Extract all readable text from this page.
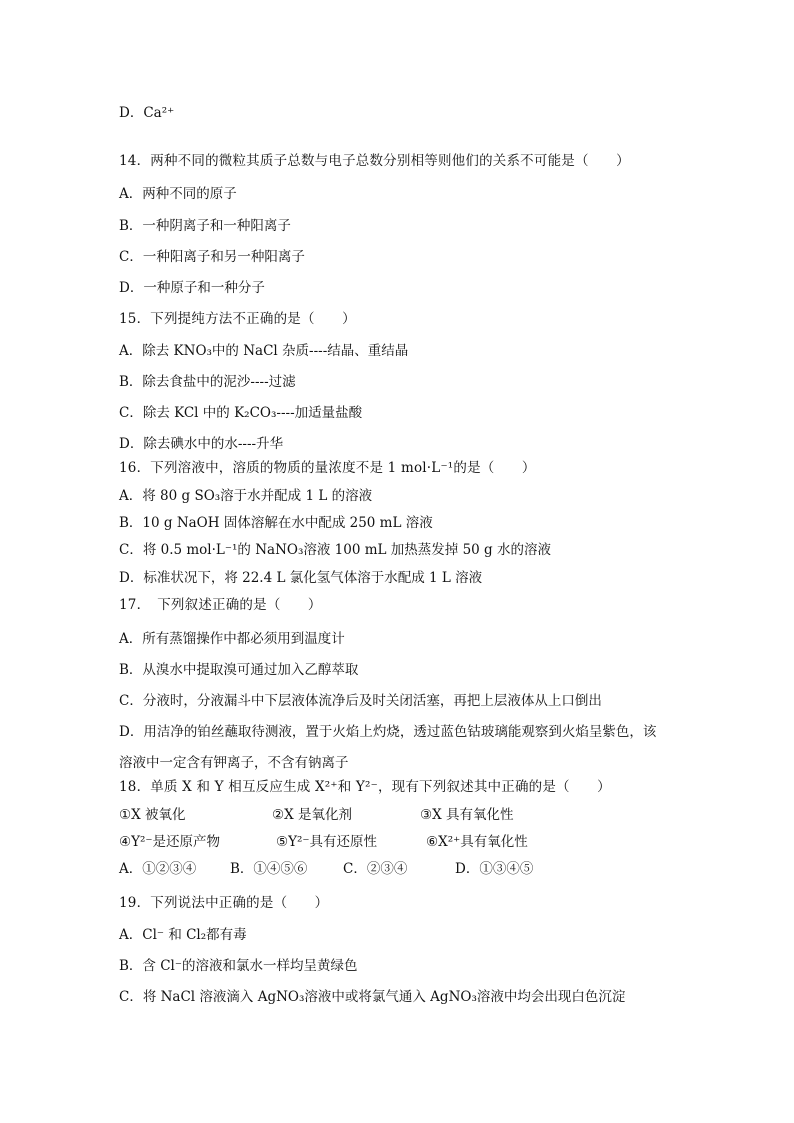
D．Ca²⁺
14．两种不同的微粒其质子总数与电子总数分别相等则他们的关系不可能是（　　）
A．两种不同的原子
B．一种阴离子和一种阳离子
C．一种阳离子和另一种阳离子
D．一种原子和一种分子
15．下列提纯方法不正确的是（　　）
A．除去 KNO₃中的 NaCl 杂质----结晶、重结晶
B．除去食盐中的泥沙----过滤
C．除去 KCl 中的 K₂CO₃----加适量盐酸
D．除去碘水中的水----升华
16．下列溶液中，溶质的物质的量浓度不是 1 mol·L⁻¹的是（　　）
A．将 80 g SO₃溶于水并配成 1 L 的溶液
B．10 g NaOH 固体溶解在水中配成 250 mL 溶液
C．将 0.5 mol·L⁻¹的 NaNO₃溶液 100 mL 加热蒸发掉 50 g 水的溶液
D．标准状况下，将 22.4 L 氯化氢气体溶于水配成 1 L 溶液
17．　下列叙述正确的是（　　）
A．所有蒸馏操作中都必须用到温度计
B．从溴水中提取溴可通过加入乙醇萃取
C．分液时，分液漏斗中下层液体流净后及时关闭活塞，再把上层液体从上口倒出
D．用洁净的铂丝蘸取待测液，置于火焰上灼烧，透过蓝色钴玻璃能观察到火焰呈紫色，该
溶液中一定含有钾离子，不含有钠离子
18．单质 X 和 Y 相互反应生成 X²⁺和 Y²⁻，现有下列叙述其中正确的是（　　）
①X 被氧化	②X 是氧化剂	③X 具有氧化性
④Y²⁻是还原产物	⑤Y²⁻具有还原性	⑥X²⁺具有氧化性
A．①②③④	B．①④⑤⑥	C．②③④	D．①③④⑤
19．下列说法中正确的是（　　）
A．Cl⁻ 和 Cl₂都有毒
B．含 Cl⁻的溶液和氯水一样均呈黄绿色
C．将 NaCl 溶液滴入 AgNO₃溶液中或将氯气通入 AgNO₃溶液中均会出现白色沉淀
